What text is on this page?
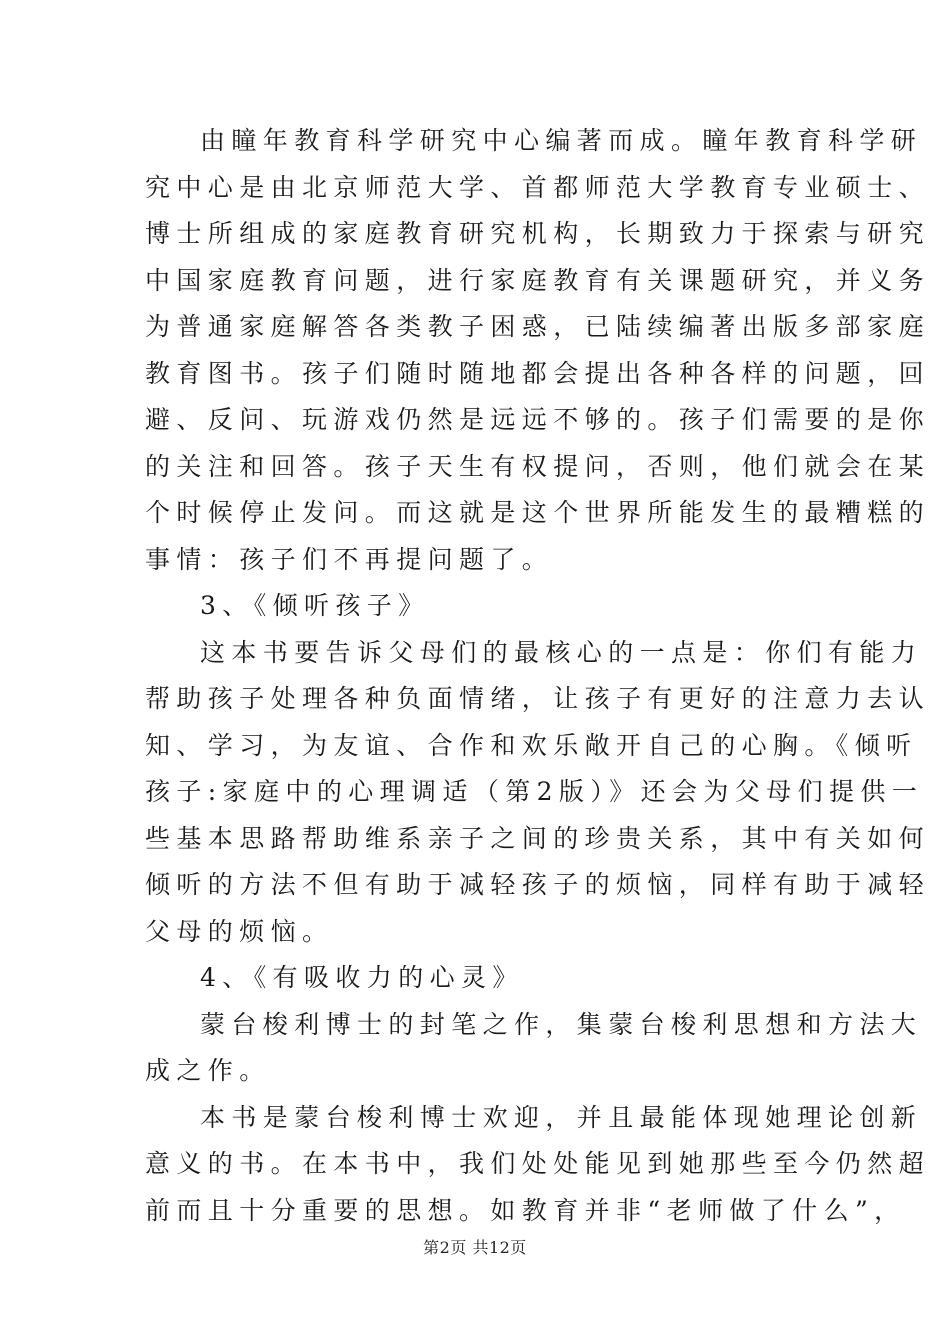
由瞳年教育科学研究中心编著而成。瞳年教育科学研
究中心是由北京师范大学、首都师范大学教育专业硕士、
博士所组成的家庭教育研究机构，长期致力于探索与研究
中国家庭教育问题，进行家庭教育有关课题研究，并义务
为普通家庭解答各类教子困惑，已陆续编著出版多部家庭
教育图书。孩子们随时随地都会提出各种各样的问题，回
避、反问、玩游戏仍然是远远不够的。孩子们需要的是你
的关注和回答。孩子天生有权提问，否则，他们就会在某
个时候停止发问。而这就是这个世界所能发生的最糟糕的
事情：孩子们不再提问题了。
3、《倾听孩子》
这本书要告诉父母们的最核心的一点是：你们有能力
帮助孩子处理各种负面情绪，让孩子有更好的注意力去认
知、学习，为友谊、合作和欢乐敞开自己的心胸。《倾听
孩子:家庭中的心理调适（第2版）》还会为父母们提供一
些基本思路帮助维系亲子之间的珍贵关系，其中有关如何
倾听的方法不但有助于减轻孩子的烦恼，同样有助于减轻
父母的烦恼。
4、《有吸收力的心灵》
蒙台梭利博士的封笔之作，集蒙台梭利思想和方法大
成之作。
本书是蒙台梭利博士欢迎，并且最能体现她理论创新
意义的书。在本书中，我们处处能见到她那些至今仍然超
前而且十分重要的思想。如教育并非“老师做了什么”，
第2页 共12页
